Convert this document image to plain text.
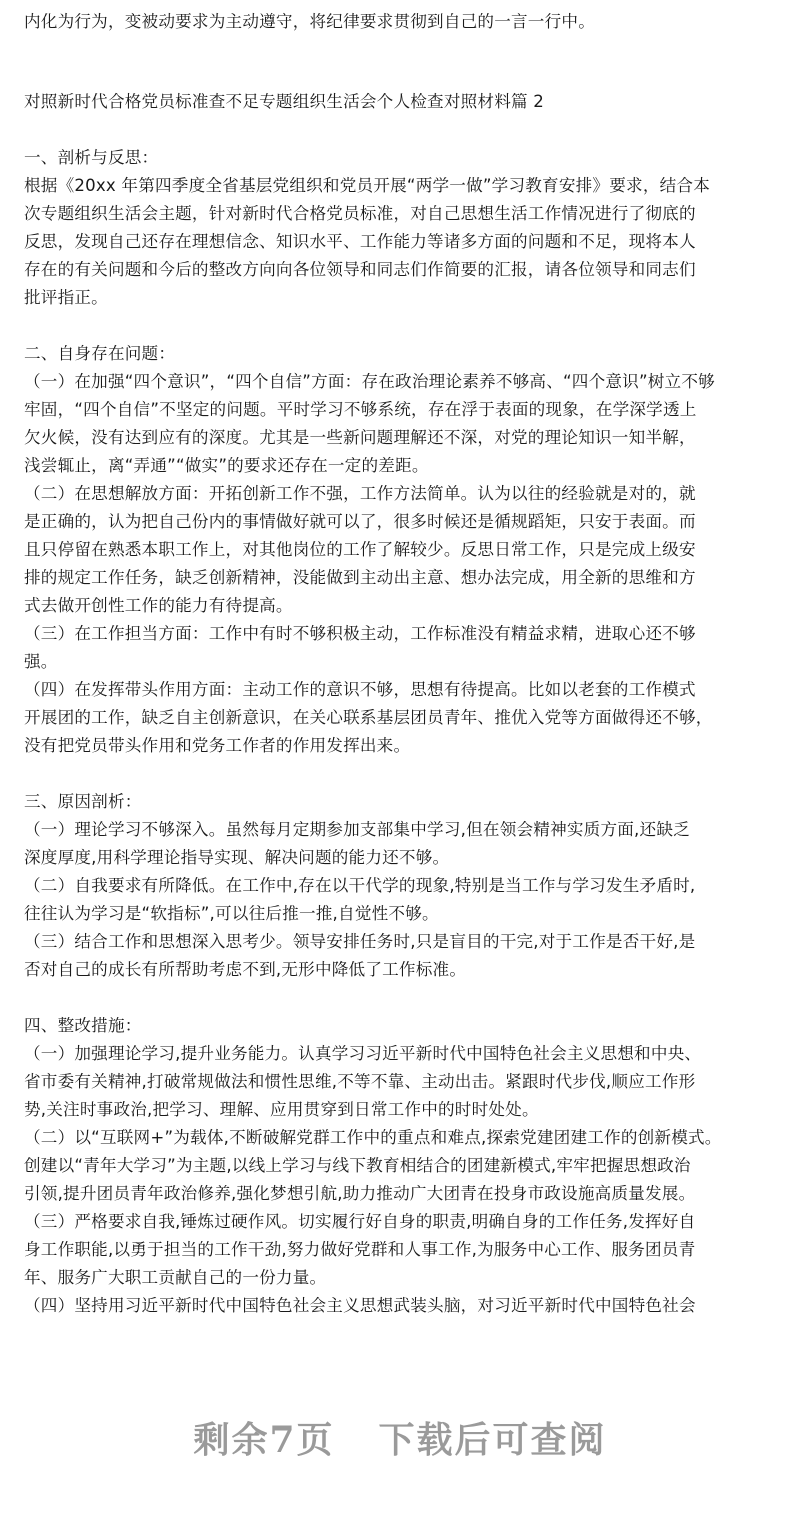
内化为行为，变被动要求为主动遵守，将纪律要求贯彻到自己的一言一行中。
对照新时代合格党员标准查不足专题组织生活会个人检查对照材料篇 2
一、剖析与反思：
根据《20xx 年第四季度全省基层党组织和党员开展“两学一做”学习教育安排》要求，结合本
次专题组织生活会主题，针对新时代合格党员标准，对自己思想生活工作情况进行了彻底的
反思，发现自己还存在理想信念、知识水平、工作能力等诸多方面的问题和不足，现将本人
存在的有关问题和今后的整改方向向各位领导和同志们作简要的汇报，请各位领导和同志们
批评指正。
二、自身存在问题：
（一）在加强“四个意识”，“四个自信”方面：存在政治理论素养不够高、“四个意识”树立不够
牢固，“四个自信”不坚定的问题。平时学习不够系统，存在浮于表面的现象，在学深学透上
欠火候，没有达到应有的深度。尤其是一些新问题理解还不深，对党的理论知识一知半解，
浅尝辄止，离“弄通”“做实”的要求还存在一定的差距。
（二）在思想解放方面：开拓创新工作不强，工作方法简单。认为以往的经验就是对的，就
是正确的，认为把自己份内的事情做好就可以了，很多时候还是循规蹈矩，只安于表面。而
且只停留在熟悉本职工作上，对其他岗位的工作了解较少。反思日常工作，只是完成上级安
排的规定工作任务，缺乏创新精神，没能做到主动出主意、想办法完成，用全新的思维和方
式去做开创性工作的能力有待提高。
（三）在工作担当方面：工作中有时不够积极主动，工作标准没有精益求精，进取心还不够
强。
（四）在发挥带头作用方面：主动工作的意识不够，思想有待提高。比如以老套的工作模式
开展团的工作，缺乏自主创新意识，在关心联系基层团员青年、推优入党等方面做得还不够，
没有把党员带头作用和党务工作者的作用发挥出来。
三、原因剖析：
（一）理论学习不够深入。虽然每月定期参加支部集中学习,但在领会精神实质方面,还缺乏
深度厚度,用科学理论指导实现、解决问题的能力还不够。
（二）自我要求有所降低。在工作中,存在以干代学的现象,特别是当工作与学习发生矛盾时,
往往认为学习是“软指标”,可以往后推一推,自觉性不够。
（三）结合工作和思想深入思考少。领导安排任务时,只是盲目的干完,对于工作是否干好,是
否对自己的成长有所帮助考虑不到,无形中降低了工作标准。
四、整改措施：
（一）加强理论学习,提升业务能力。认真学习习近平新时代中国特色社会主义思想和中央、
省市委有关精神,打破常规做法和惯性思维,不等不靠、主动出击。紧跟时代步伐,顺应工作形
势,关注时事政治,把学习、理解、应用贯穿到日常工作中的时时处处。
（二）以“互联网+”为载体,不断破解党群工作中的重点和难点,探索党建团建工作的创新模式。
创建以“青年大学习”为主题,以线上学习与线下教育相结合的团建新模式,牢牢把握思想政治
引领,提升团员青年政治修养,强化梦想引航,助力推动广大团青在投身市政设施高质量发展。
（三）严格要求自我,锤炼过硬作风。切实履行好自身的职责,明确自身的工作任务,发挥好自
身工作职能,以勇于担当的工作干劲,努力做好党群和人事工作,为服务中心工作、服务团员青
年、服务广大职工贡献自己的一份力量。
（四）坚持用习近平新时代中国特色社会主义思想武装头脑，对习近平新时代中国特色社会
剩余7页 下载后可查阅
